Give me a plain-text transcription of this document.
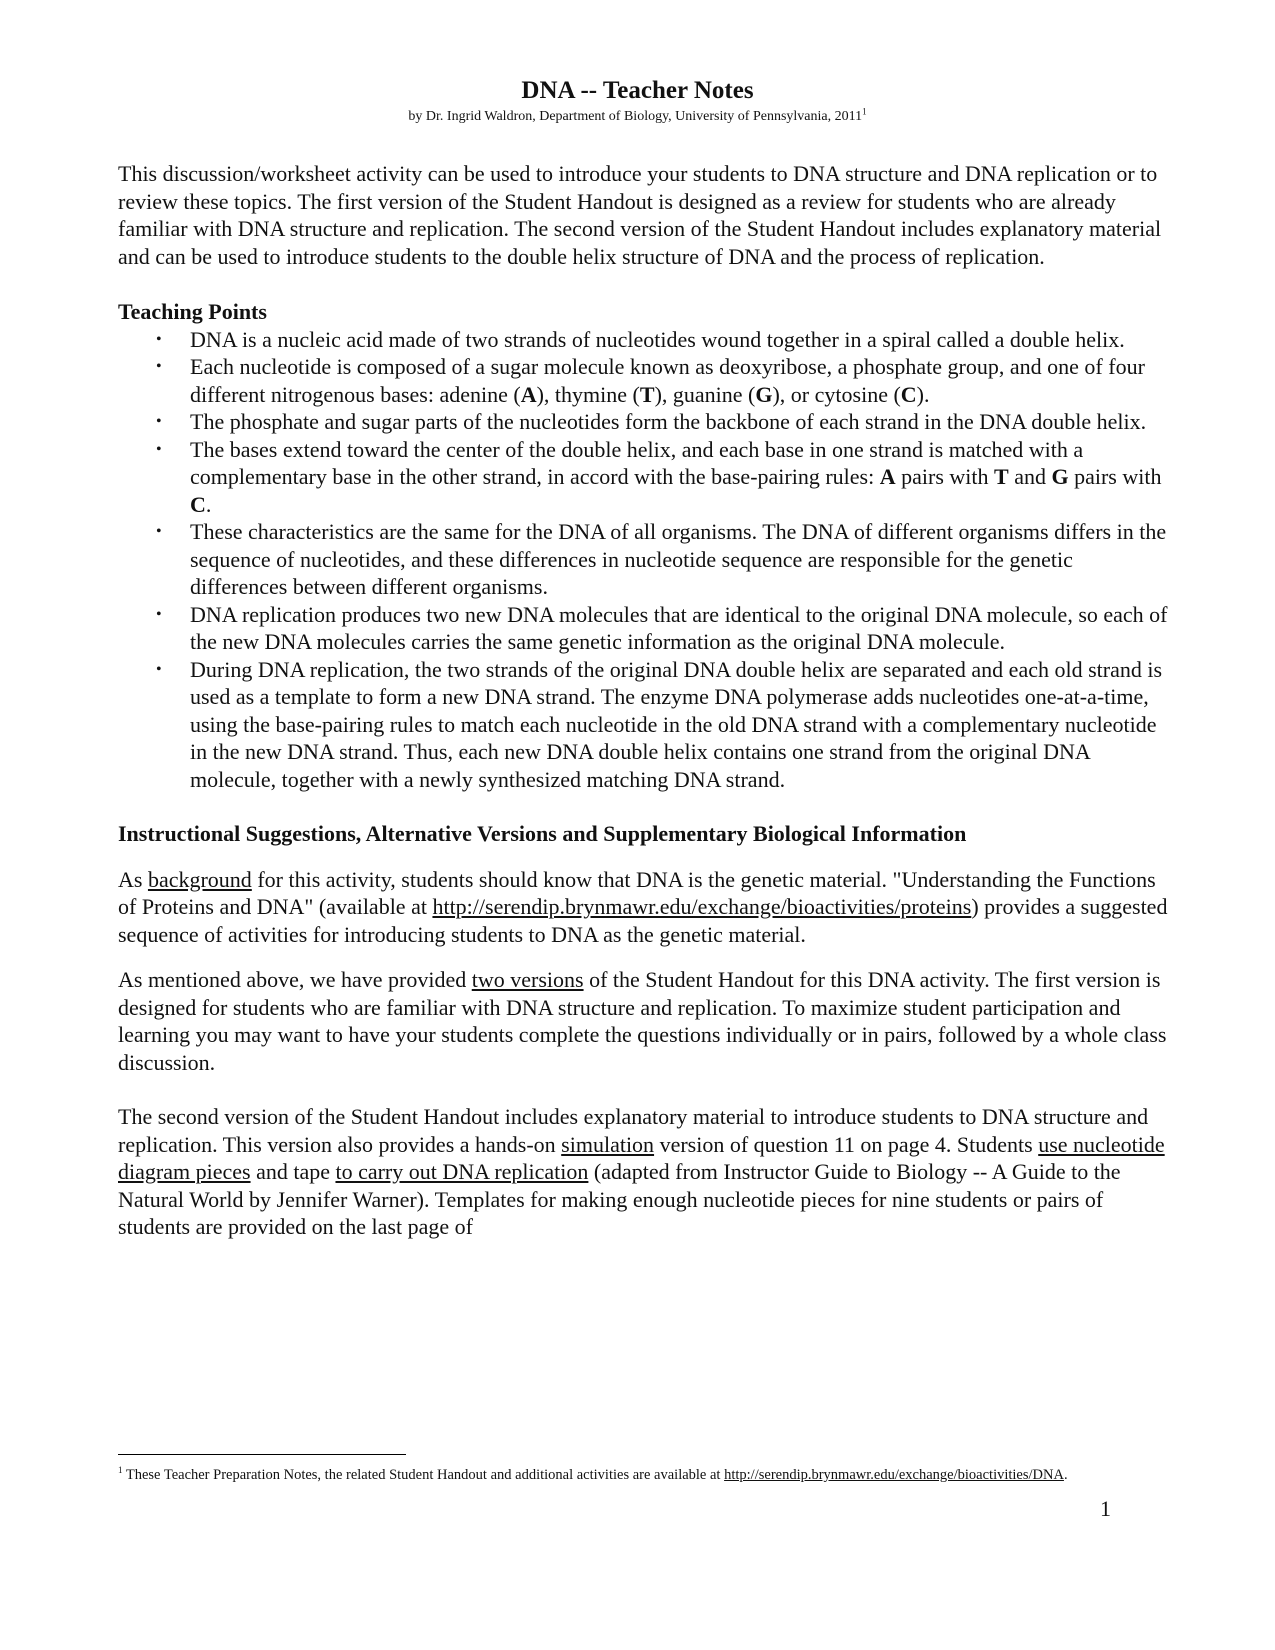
DNA -- Teacher Notes
by Dr. Ingrid Waldron, Department of Biology, University of Pennsylvania, 2011$^1$

This discussion/worksheet activity can be used to introduce your students to DNA structure and DNA replication or to review these topics. The first version of the Student Handout is designed as a review for students who are already familiar with DNA structure and replication. The second version of the Student Handout includes explanatory material and can be used to introduce students to the double helix structure of DNA and the process of replication.

Teaching Points
• DNA is a nucleic acid made of two strands of nucleotides wound together in a spiral called a double helix.
• Each nucleotide is composed of a sugar molecule known as deoxyribose, a phosphate group, and one of four different nitrogenous bases: adenine (A), thymine (T), guanine (G), or cytosine (C).
• The phosphate and sugar parts of the nucleotides form the backbone of each strand in the DNA double helix.
• The bases extend toward the center of the double helix, and each base in one strand is matched with a complementary base in the other strand, in accord with the base-pairing rules: A pairs with T and G pairs with C.
• These characteristics are the same for the DNA of all organisms. The DNA of different organisms differs in the sequence of nucleotides, and these differences in nucleotide sequence are responsible for the genetic differences between different organisms.
• DNA replication produces two new DNA molecules that are identical to the original DNA molecule, so each of the new DNA molecules carries the same genetic information as the original DNA molecule.
• During DNA replication, the two strands of the original DNA double helix are separated and each old strand is used as a template to form a new DNA strand. The enzyme DNA polymerase adds nucleotides one-at-a-time, using the base-pairing rules to match each nucleotide in the old DNA strand with a complementary nucleotide in the new DNA strand. Thus, each new DNA double helix contains one strand from the original DNA molecule, together with a newly synthesized matching DNA strand.
Instructional Suggestions, Alternative Versions and Supplementary Biological Information

As background for this activity, students should know that DNA is the genetic material. "Understanding the Functions of Proteins and DNA" (available at http://serendip.brynmawr.edu/exchange/bioactivities/proteins) provides a suggested sequence of activities for introducing students to DNA as the genetic material.

As mentioned above, we have provided two versions of the Student Handout for this DNA activity. The first version is designed for students who are familiar with DNA structure and replication. To maximize student participation and learning you may want to have your students complete the questions individually or in pairs, followed by a whole class discussion.

The second version of the Student Handout includes explanatory material to introduce students to DNA structure and replication. This version also provides a hands-on simulation version of question 11 on page 4. Students use nucleotide diagram pieces and tape to carry out DNA replication (adapted from Instructor Guide to Biology -- A Guide to the Natural World by Jennifer Warner). Templates for making enough nucleotide pieces for nine students or pairs of students are provided on the last page of

$^1$ These Teacher Preparation Notes, the related Student Handout and additional activities are available at http://serendip.brynmawr.edu/exchange/bioactivities/DNA.
1
